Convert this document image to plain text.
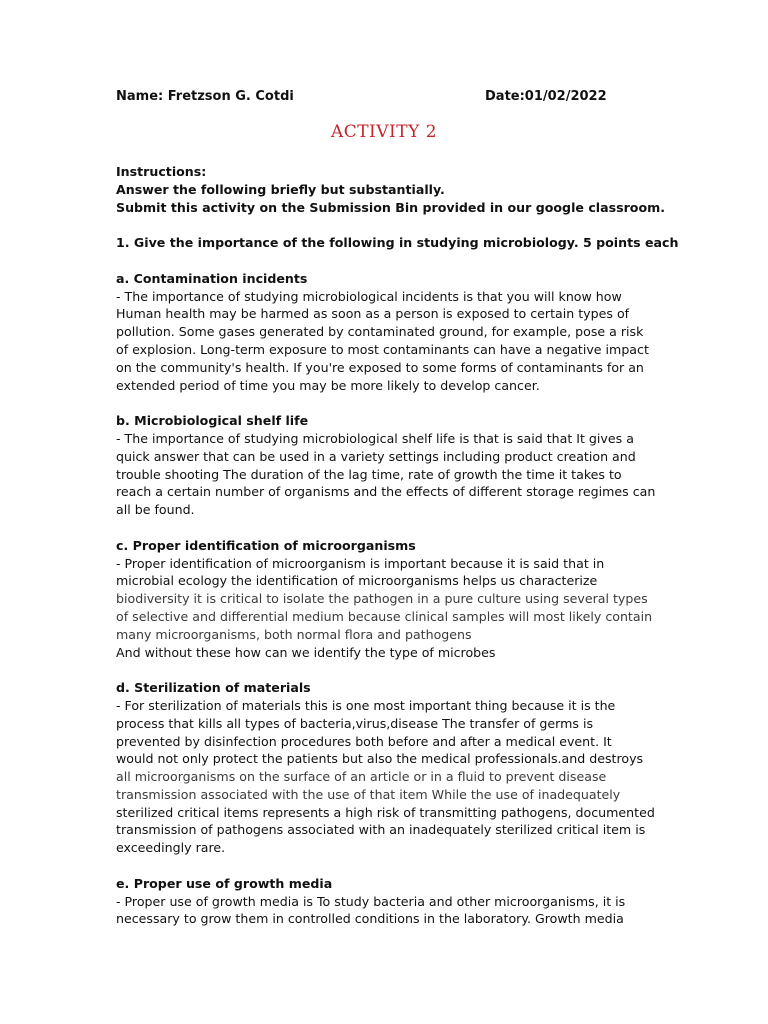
Name: Fretzson G. Cotdi	Date:01/02/2022
ACTIVITY 2
Instructions:
Answer the following briefly but substantially.
Submit this activity on the Submission Bin provided in our google classroom.
1. Give the importance of the following in studying microbiology. 5 points each
a. Contamination incidents
- The importance of studying microbiological incidents is that you will know how
Human health may be harmed as soon as a person is exposed to certain types of
pollution. Some gases generated by contaminated ground, for example, pose a risk
of explosion. Long-term exposure to most contaminants can have a negative impact
on the community's health. If you're exposed to some forms of contaminants for an
extended period of time you may be more likely to develop cancer.
b. Microbiological shelf life
- The importance of studying microbiological shelf life is that is said that It gives a
quick answer that can be used in a variety settings including product creation and
trouble shooting The duration of the lag time, rate of growth the time it takes to
reach a certain number of organisms and the effects of different storage regimes can
all be found.
c. Proper identification of microorganisms
- Proper identification of microorganism is important because it is said that in
microbial ecology the identification of microorganisms helps us characterize
biodiversity it is critical to isolate the pathogen in a pure culture using several types
of selective and differential medium because clinical samples will most likely contain
many microorganisms, both normal flora and pathogens
And without these how can we identify the type of microbes
d. Sterilization of materials
- For sterilization of materials this is one most important thing because it is the
process that kills all types of bacteria,virus,disease The transfer of germs is
prevented by disinfection procedures both before and after a medical event. It
would not only protect the patients but also the medical professionals.and destroys
all microorganisms on the surface of an article or in a fluid to prevent disease
transmission associated with the use of that item While the use of inadequately
sterilized critical items represents a high risk of transmitting pathogens, documented
transmission of pathogens associated with an inadequately sterilized critical item is
exceedingly rare.
e. Proper use of growth media
- Proper use of growth media is To study bacteria and other microorganisms, it is
necessary to grow them in controlled conditions in the laboratory. Growth media
